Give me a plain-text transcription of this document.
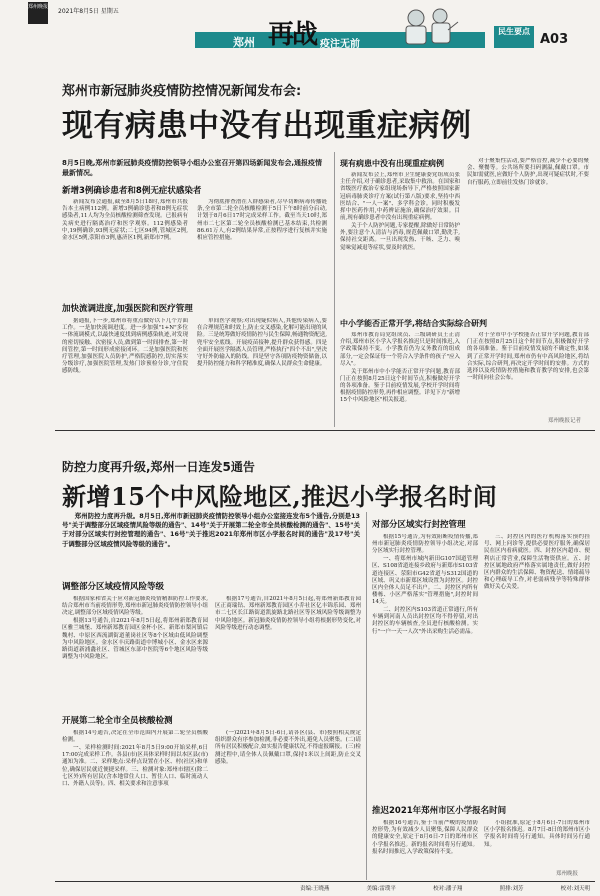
郑州晚报
2021年8月5日 星期五
郑州 再战 疫注无前
民生要点
A03
郑州市新冠肺炎疫情防控情况新闻发布会:
现有病患中没有出现重症病例
8月5日晚,郑州市新冠肺炎疫情防控领导小组办公室召开第四场新闻发布会,通报疫情最新情况。
新增3例确诊患者和8例无症状感染者

新闻发布会通报,截至8月5日18时,郑州市共报告本土病例112例。新增3例确诊患者和8例无症状感染者,11人均为全员核酸检测筛查发现。已报病有关病史进行隔离治疗和医学观察。112例感染者中,19例确诊,93例无症状;二七区94例,管城区2例,金水区5例,荥阳市3例,惠济区1例,新郑市7例。

为彻底排查潜在人群感染者,尽早切断病毒传播链条,全市第二轮全员核酸检测于5日下午8时前分启动,计划于8月6日17时完成采样工作。截至当天10时,郑州市二七区第二轮全员核酸检测已基本结束,共检测86.61万人,有2例结果异常,正按程序进行复核并实施相应管控措施。

加快流调进度,加强医院和医疗管理

据通报,下一步,郑州市将重点做好以下几个方面工作。一是加快流调进度。进一步加强"1+N"多位一体流调模式,以最快速度找到病例感染轨迹,对发现的密切接触、次密接人员,做到第一时间排查,第一时间管控,第一时间形成密接闭环。二是加强医院和医疗管理,加强医院人员防护,严格院感防控,切实落实分级诊疗,加强医院管理,发热门诊预检分诊,守住院感防线。

单间医学观察;对出现疑似病人,其他传染病人,要在合理规范和时效上,防止交叉感染,化解可能出现的风险。三是统筹做好疫情防控与民生保障,畅通物资配送,兜牢安全底线。开展疫苗接种,提升群众获得感。四是全面开展医学隔离人员管理,严格执行"四个不出",坚决守好外防输入的防线。四是坚守各项防疫物资储备,以提升防控能力和科学精准度,确保人民群众生命健康。

现有病患中没有出现重症病例

新闻发布会上,郑州市卫生健康委党组成员张主任介绍,对于确诊患者,采取集中救治。在国家和省级医疗救治专家组现场指导下,严格按照国家新冠病毒肺炎诊疗方案(试行第八版)要求,坚持中西医结合、"一人一案"、多学科会诊。同时积极发挥中医药作用,中药辨证施治,确保治疗效果。目前,现有确诊患者中没有出现重症病例。

关于个人防护问题,专家提醒,除做好日常防护外,要注意个人清洁与消毒,规范佩戴口罩,勤洗手,保持社交距离。一旦出现发热、干咳、乏力、嗅觉味觉减退等症状,要及时就医。

对于聚集性活动,要严格管控,减少不必要的聚会、聚餐等。公共场所要扫码测温,佩戴口罩。市民如需就医,应做好个人防护,出现可疑症状时,不要自行服药,立即前往发热门诊就诊。

中小学能否正常开学,将结合实际综合研判

郑州市教育局党组成员、三级调研员王正清介绍,郑州市区小学入学报名推迟只是时间推迟,入学政策保持不变。小学教育仍为义务教育的组成部分,一定会保证每一个符合入学条件的孩子"应入尽入"。

关于郑州市中小学能否正常开学问题,教育部门正在按照8月25日这个时间节点,积极做好开学的各项准备。鉴于目前疫情发展,学校开学时间将根据疫情防控形势,再作相应调整。详见下方"新增15个中风险地区"相关报道。

对于全市中小学校能否正常开学问题,教育部门正在按照8月25日这个时间节点,积极做好开学的各项准备。鉴于目前疫情发展的不确定性,如果到了正常开学时间,郑州市仍有中高风险地区,将结合实际,综合研判,再决定开学时间的安排。方式的选择以及疫情防控措施和教育教学的安排,也会第一时间向社会公布。

郑州晚报记者
防控力度再升级,郑州一日连发5通告
新增15个中风险地区,推迟小学报名时间

郑州防控力度再升级。8月5日,郑州市新冠肺炎疫情防控领导小组办公室接连发布5个通告,分别是13号"关于调整部分区域疫情风险等级的通告"、14号"关于开展第二轮全市全员核酸检测的通告"、15号"关于对部分区域实行封控管理的通告"、16号"关于推迟2021年郑州市区小学报名时间的通告"及17号"关于调整部分区域疫情风险等级的通告"。

调整部分区域疫情风险等级

根据国家和省关于应对新冠肺炎疫情精准防控工作要求,结合郑州市当前疫情形势,郑州市新冠肺炎疫情防控领导小组决定,调整部分区域疫情风险等级。

根据13号通告,自2021年8月5日起,将郑州新郑教育园区雅兰城堡、郑州新郑教育园区金杯小区、新郑市梨河镇后魏村、中原区西流湖街道董岗社区等8个区域由低风险调整为中风险地区。金水区丰庆路街道中博城小区、金水区来源路街道新浦鑫社区、管城区东部中医院等6个地区风险等级调整为中风险地区。

根据17号通告,自2021年8月5日起,将郑州新郑教育园区正商瑞钻、郑州新郑教育园区小乔社区亿丰锦乐园、郑州市二七区长江路街道凯旋路北路社区等区域风险等级调整为中风险地区。新冠肺炎疫情防控领导小组将根据形势变化,对风险等级进行动态调整。

开展第二轮全市全员核酸检测

根据14号通告,决定在全市范围内开展第二轮全员核酸检测。

一、采样检测时间:2021年8月5日9:00开始采样,6日17:00完成采样工作。各县(市)区具体采样时间以本区县(市)通知为准。二、采样地点:采样点设置在小区、村(社区)和单位,确保居民就近便捷采样。三、检测对象:郑州市辖区(除二七区外)所有居民(含本地常住人口、暂住人口、临时流动人口、外籍人员等)。四、相关要求和注意事项

(一)2021年8月5日-6日,请各区(县、市)按照相关规定组织群众有序参加检测,非必要不外出,避免人员聚集。(二)请所有居民积极配合,如实报告健康状况,不得虚报瞒报。(三)检测过程中,请全体人员佩戴口罩,保持1米以上间距,防止交叉感染。

对部分区域实行封控管理

根据15号通告,为有效阻断疫情传播,郑州市新冠肺炎疫情防控领导小组决定,对部分区域实行封控管理。

一、将郑州市城内新田G107国道管理区、S108省道连接乡政府与新郑市S103省道连接区、荥阳市G42省道与S312国道的区域、巩义市新郑区域设置为封控区。封控区内全体人员足不出户。二、封控区内所有楼栋、小区严格落实"管理措施",封控时间14天。

二、封控区内S103省道正常通行,所有车辆到河南人员出封控区均不得停留,对出封控区的车辆核查,全员进行核酸检测。实行"一户一天一人次"外出采购生活必需品。

三、封控区内的医疗机构落实预约挂号、网上问诊等,提供必要医疗服务,确保居民在区内看病就医。四、封控区内超市、便利店正常营业,保障生活物资供应。五、封控区属地政府严格落实属地责任,做好封控区内群众的生活保障、物资配送、情绪疏导和心理疏导工作,对老弱病残孕等特殊群体做好关心关爱。

推迟2021年郑州市区小学报名时间

根据16号通告,鉴于当前严峻的疫情防控形势,为有效减少人员聚集,保障人民群众的健康安全,原定于8月6日-7日的郑州市区小学报名推迟。新的报名时间将另行通知。报名时间推迟,入学政策保持不变。

小组批准,原定于8月6日-7日的郑州市区小学报名推迟。8月7日-8日的郑州市区小学报名时间将另行通知。具体时间另行通知。

郑州晚报
责编:王晓燕	美编:雷璞平	校对:潘子翔	照排:刘芳	校对:刘天明
